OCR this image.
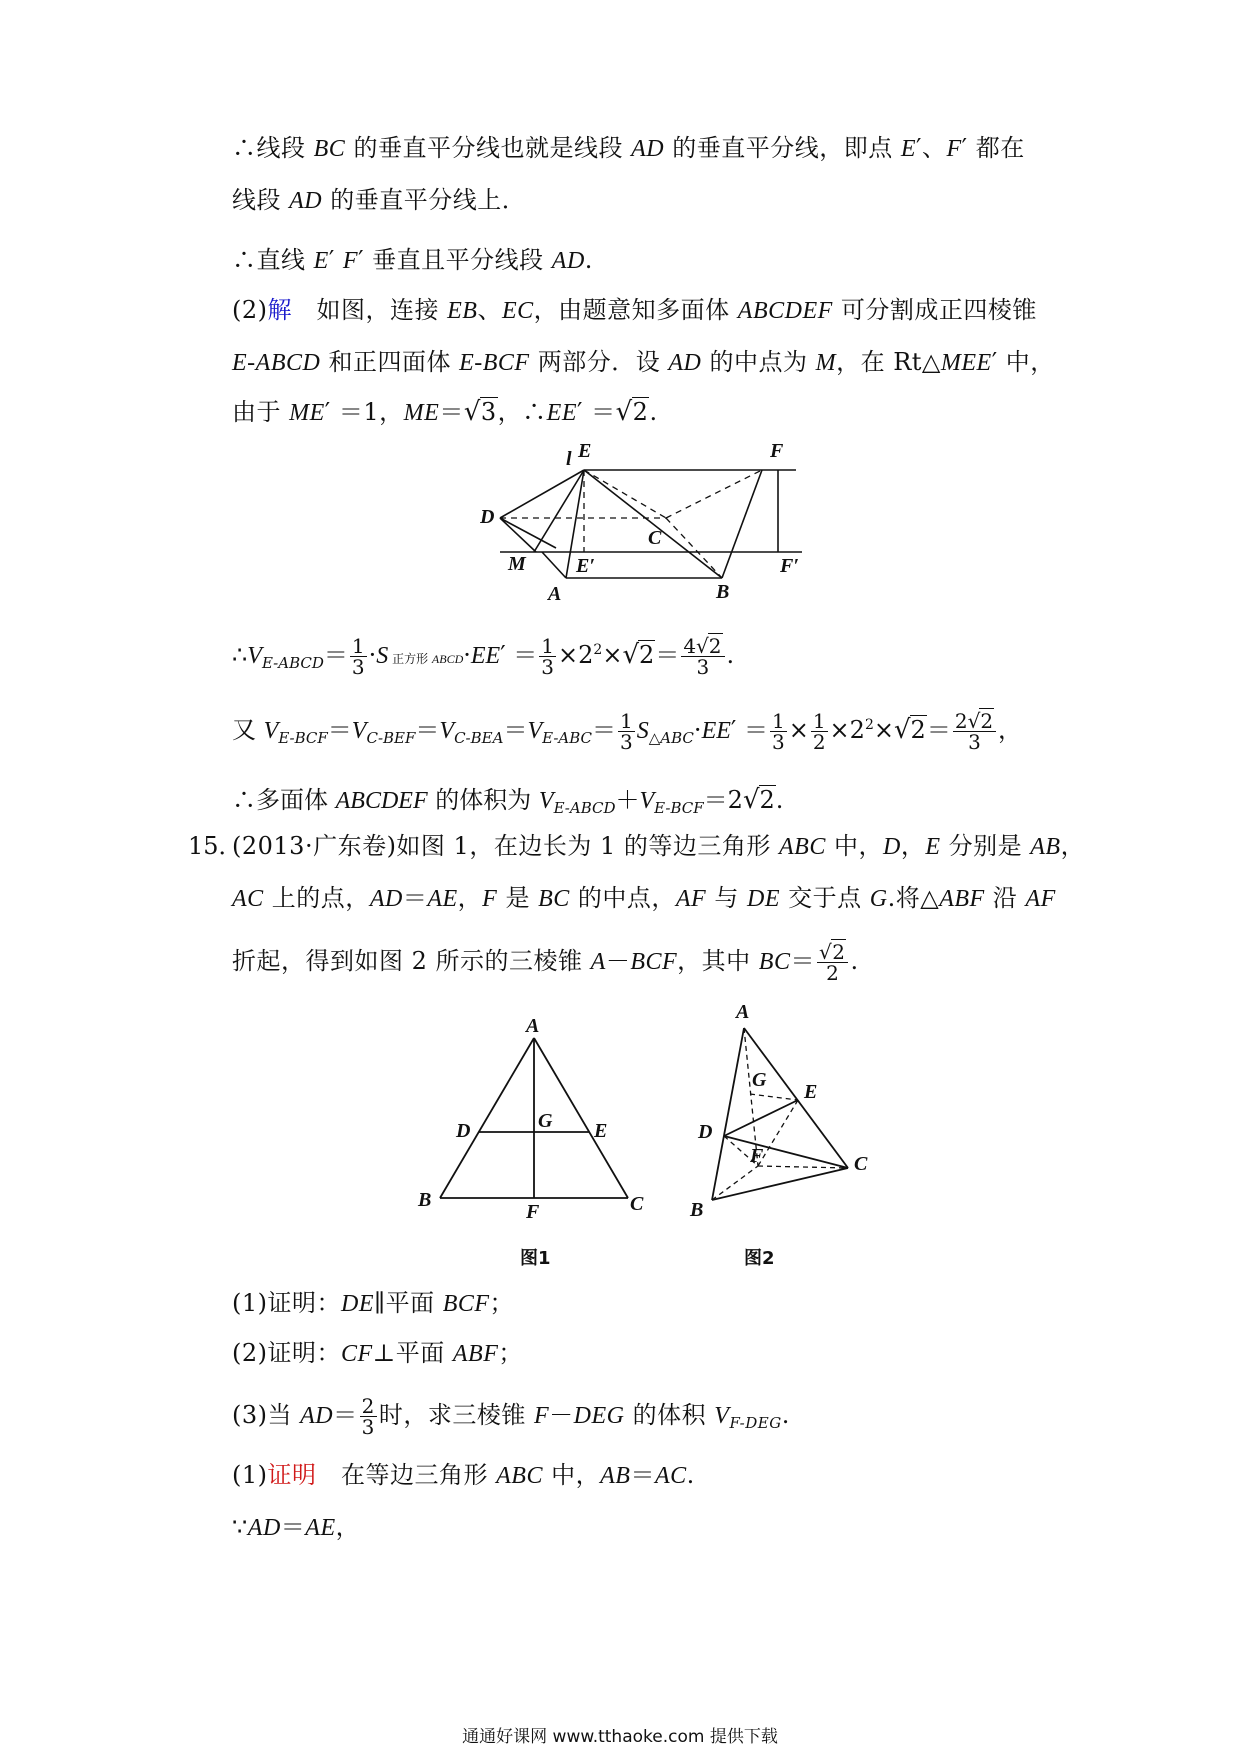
∴线段 BC 的垂直平分线也就是线段 AD 的垂直平分线，即点 E′、F′ 都在
线段 AD 的垂直平分线上．
∴直线 E′ F′ 垂直且平分线段 AD.
(2)解　如图，连接 EB、EC，由题意知多面体 ABCDEF 可分割成正四棱锥
E-ABCD 和正四面体 E-BCF 两部分．设 AD 的中点为 M，在 Rt△MEE′ 中，
由于 ME′ ＝1，ME＝√3，∴EE′ ＝√2.
l E	F
D
C
M	E′
B
F′
A
$\therefore V_{E-ABCD}= \frac{1}{3} \cdot S$ 正方形 ABCD·EE′ ＝ $\frac{1}{3} \times 2^2\times√2= \frac{4√2}{3}$ .
又 $V_{E-BCF}=V_{C-BEF}=V_{C-BEA}=V_{E-ABC}= \frac{1}{3} S_{\triangle ABC}\cdot EE' = \frac{1}{3} \times \frac{1}{2} \times 2^2\times√2= \frac{2√2}{3}$ ，
∴多面体 ABCDEF 的体积为 $V_{E-ABCD}+V_{E-BCF}=2√2$.
15．
(2013·广东卷)如图 1，在边长为 1 的等边三角形 ABC 中，D，E 分别是 AB，
AC 上的点，AD＝AE，F 是 BC 的中点，AF 与 DE 交于点 G.将△ABF 沿 AF
折起，得到如图 2 所示的三棱锥 A－BCF，其中 $BC= \frac{√2}{2}$ .
A
D	G E
B
F	C
A
G
E
D
F	C
B
图1	图2
(1)证明：DE∥平面 BCF；
(2)证明：CF⊥平面 ABF；
(3)当 $AD= \frac{2}{3}$ 时，求三棱锥 F－DEG 的体积 $V_{F-DEG}$.
(1)证明　在等边三角形 ABC 中，AB＝AC.
∵AD＝AE，
通通好课网 www.tthaoke.com 提供下载
